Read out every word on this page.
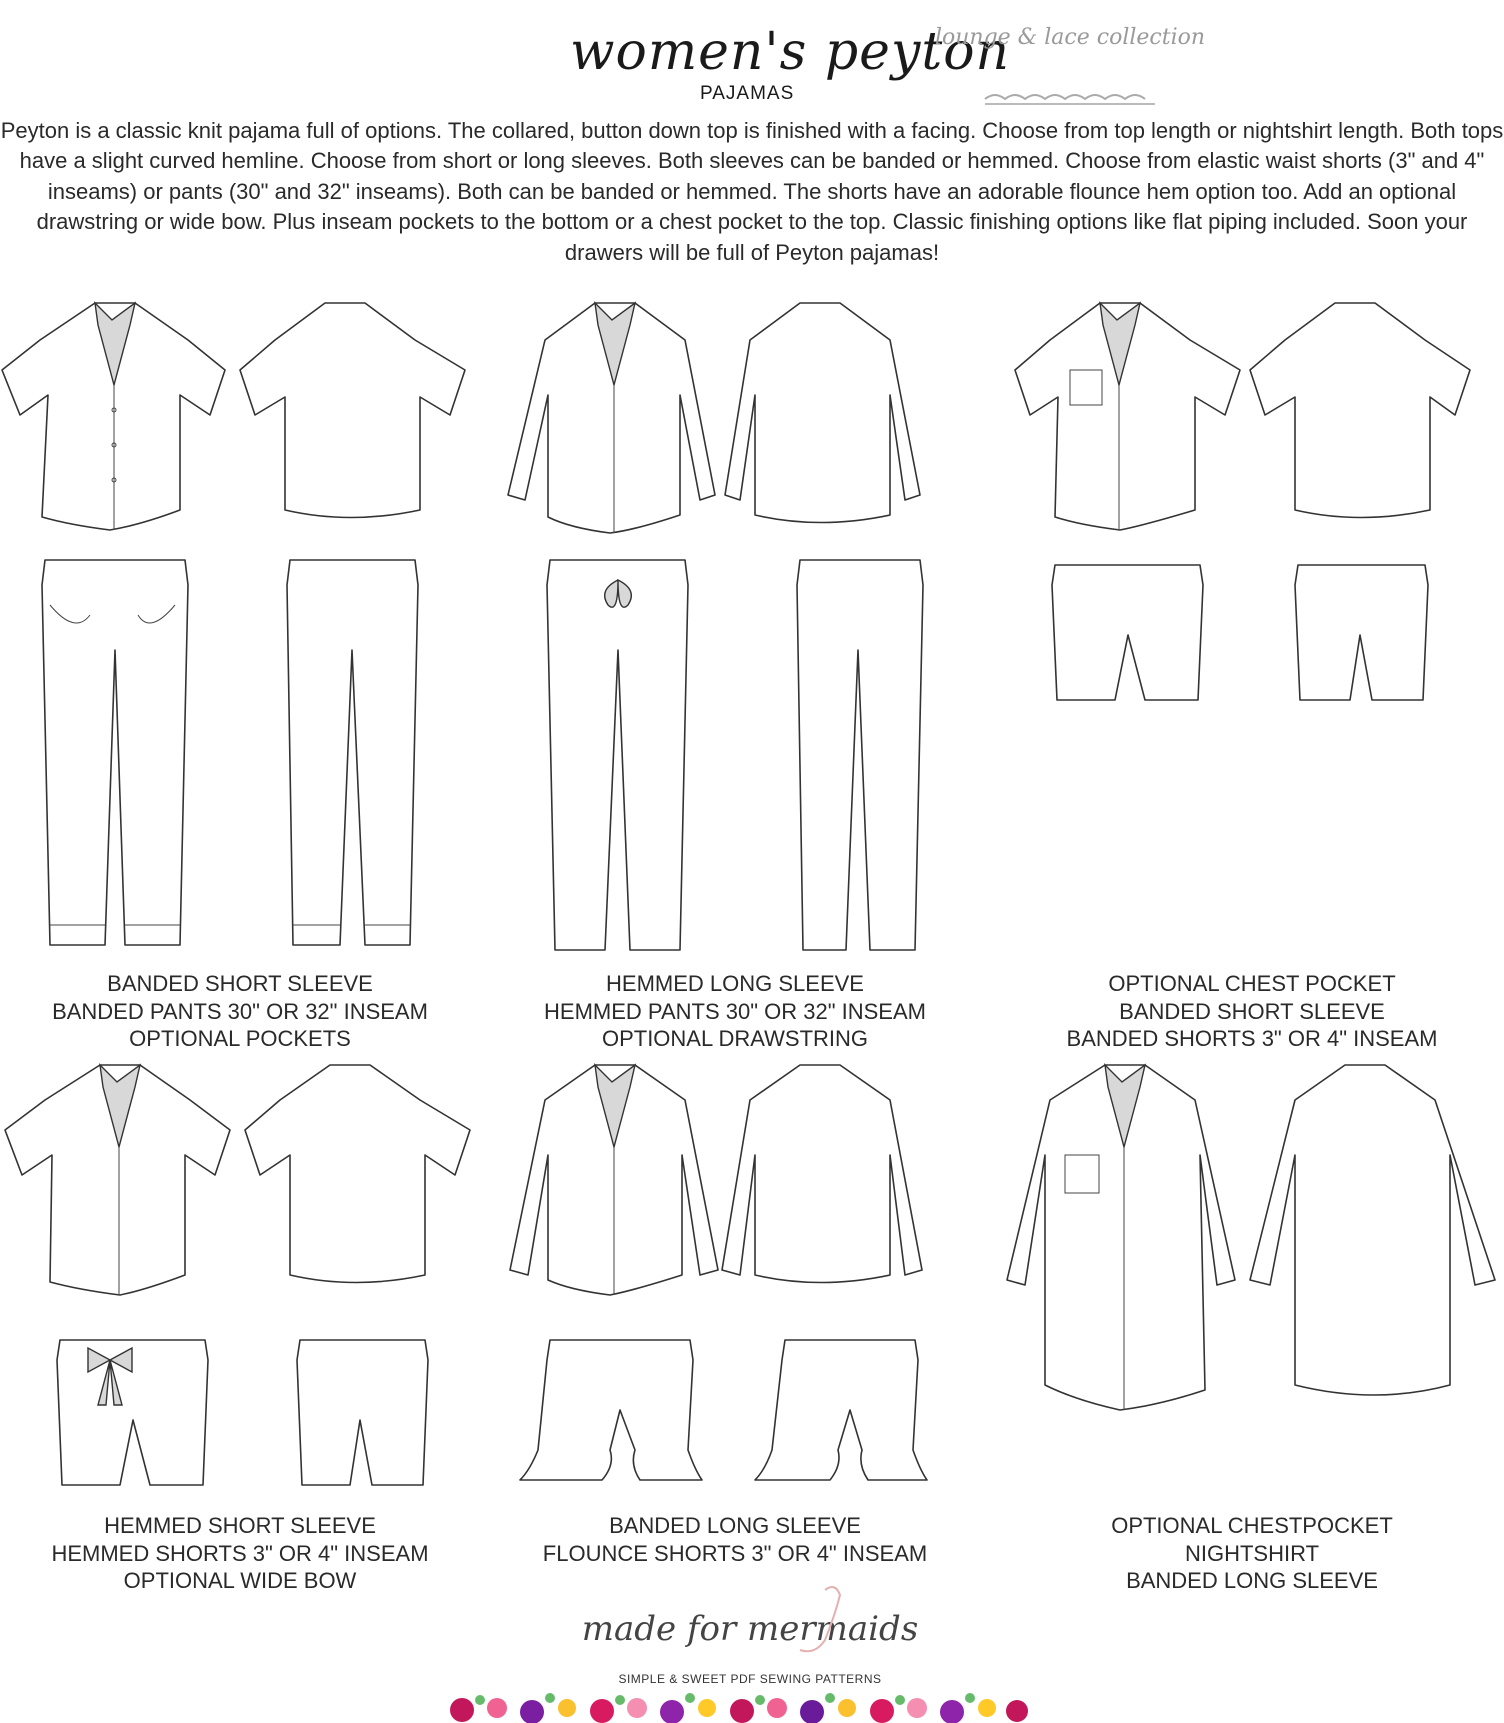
women's peyton
PAJAMAS
lounge & lace collection
Peyton is a classic knit pajama full of options. The collared, button down top is finished with a facing. Choose from top length or nightshirt length. Both tops have a slight curved hemline. Choose from short or long sleeves. Both sleeves can be banded or hemmed. Choose from elastic waist shorts (3" and 4" inseams) or pants (30" and 32" inseams). Both can be banded or hemmed. The shorts have an adorable flounce hem option too. Add an optional drawstring or wide bow. Plus inseam pockets to the bottom or a chest pocket to the top. Classic finishing options like flat piping included. Soon your drawers will be full of Peyton pajamas!
BANDED SHORT SLEEVE
BANDED PANTS 30" OR 32" INSEAM
OPTIONAL POCKETS
HEMMED LONG SLEEVE
HEMMED PANTS 30" OR 32" INSEAM
OPTIONAL DRAWSTRING
OPTIONAL CHEST POCKET
BANDED SHORT SLEEVE
BANDED SHORTS 3" OR 4" INSEAM
HEMMED SHORT SLEEVE
HEMMED SHORTS 3" OR 4" INSEAM
OPTIONAL WIDE BOW
BANDED LONG SLEEVE
FLOUNCE SHORTS 3" OR 4" INSEAM
OPTIONAL CHESTPOCKET
NIGHTSHIRT
BANDED LONG SLEEVE
made for mermaids
SIMPLE & SWEET PDF SEWING PATTERNS
